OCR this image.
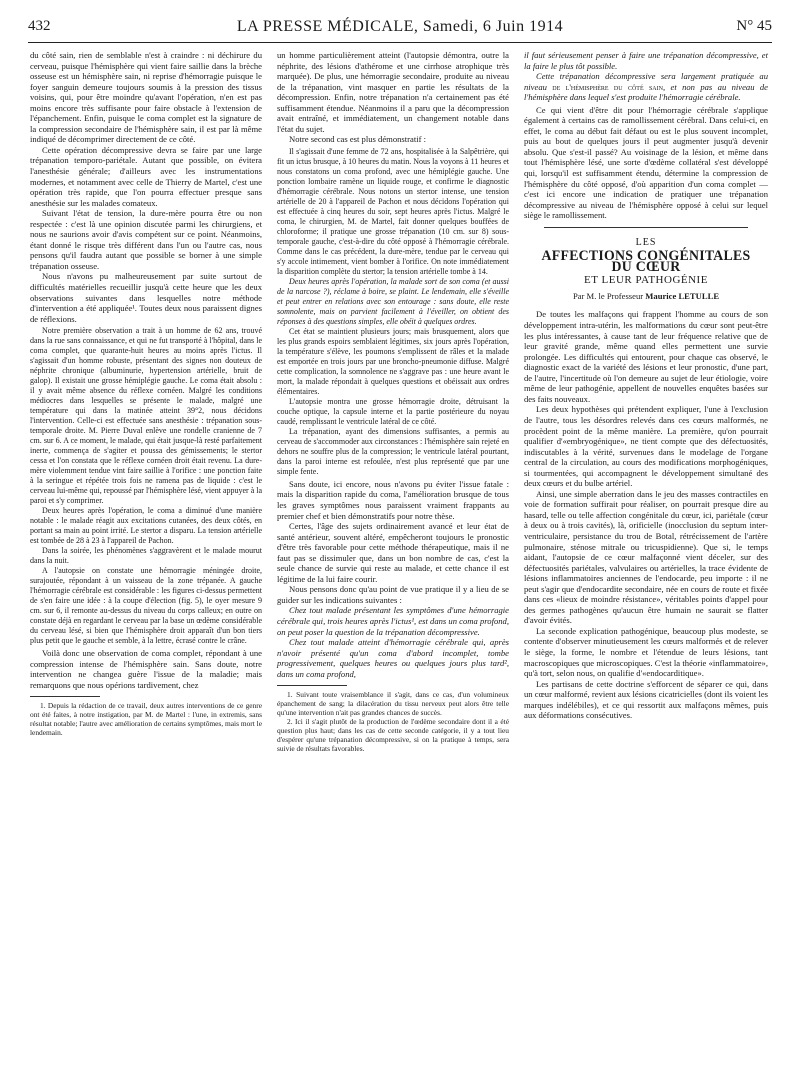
432	LA PRESSE MÉDICALE, Samedi, 6 Juin 1914	N° 45

du côté sain, rien de semblable n'est à craindre : ni déchirure du cerveau, puisque l'hémisphère qui vient faire saillie dans la brèche osseuse est un hémisphère sain, ni reprise d'hémorragie puisque le foyer sanguin demeure toujours soumis à la pression des tissus voisins, qui, pour être moindre qu'avant l'opération, n'en est pas moins encore très suffisante pour faire obstacle à l'extension de l'épanchement. Enfin, puisque le coma complet est la signature de la compression secondaire de l'hémisphère sain, il est par là même indiqué de décomprimer directement de ce côté.

Cette opération décompressive devra se faire par une large trépanation temporo-pariétale. Autant que possible, on évitera l'anesthésie générale; d'ailleurs avec les instrumentations modernes, et notamment avec celle de Thierry de Martel, c'est une opération très rapide, que l'on pourra effectuer presque sans anesthésie sur les malades comateux.

Suivant l'état de tension, la dure-mère pourra être ou non respectée : c'est là une opinion discutée parmi les chirurgiens, et nous ne saurions avoir d'avis compétent sur ce point. Néanmoins, étant donné le risque très différent dans l'un ou l'autre cas, nous pensons qu'il faudra autant que possible se borner à une simple trépanation osseuse.

Nous n'avons pu malheureusement par suite surtout de difficultés matérielles recueillir jusqu'à cette heure que les deux observations suivantes dans lesquelles notre méthode d'intervention a été appliquée¹. Toutes deux nous paraissent dignes de réflexions.

Notre première observation a trait à un homme de 62 ans, trouvé dans la rue sans connaissance, et qui ne fut transporté à l'hôpital, dans le coma complet, que quarante-huit heures au moins après l'ictus. Il s'agissait d'un homme robuste, présentant des signes non douteux de néphrite chronique (albuminurie, hypertension artérielle, bruit de galop). Il existait une grosse hémiplégie gauche. Le coma était absolu : il y avait même absence du réflexe cornéen. Malgré les conditions médiocres dans lesquelles se présente le malade, malgré une température qui dans la matinée atteint 39°2, nous décidons l'intervention. Celle-ci est effectuée sans anesthésie : trépanation sous-temporale droite. M. Pierre Duval enlève une rondelle cranienne de 7 cm. sur 6. A ce moment, le malade, qui était jusque-là resté parfaitement inerte, commença de s'agiter et poussa des gémissements; le stertor cessa et l'on constata que le réflexe cornéen droit était revenu. La dure-mère violemment tendue vint faire saillie à l'orifice : une ponction faite à la seringue et répétée trois fois ne ramena pas de liquide : c'est le cerveau lui-même qui, repoussé par l'hémisphère lésé, vient appuyer à la paroi et s'y comprimer.

Deux heures après l'opération, le coma a diminué d'une manière notable : le malade réagit aux excitations cutanées, des deux côtés, en portant sa main au point irrité. Le stertor a disparu. La tension artérielle est tombée de 28 à 23 à l'appareil de Pachon.

Dans la soirée, les phénomènes s'aggravèrent et le malade mourut dans la nuit.

A l'autopsie on constate une hémorragie méningée droite, surajoutée, répondant à un vaisseau de la zone trépanée. A gauche l'hémorragie cérébrale est considérable : les figures ci-dessus permettent de s'en faire une idée : à la coupe d'élection (fig. 5), le oyer mesure 9 cm. sur 6, il remonte au-dessus du niveau du corps calleux; en outre on constate déjà en regardant le cerveau par la base un œdème considérable du cerveau lésé, si bien que l'hémisphère droit apparaît d'un bon tiers plus petit que le gauche et semble, à la lettre, écrasé contre le crâne.

Voilà donc une observation de coma complet, répondant à une compression intense de l'hémisphère sain. Sans doute, notre intervention ne changea guère l'issue de la maladie; mais remarquons que nous opérions tardivement, chez

1. Depuis la rédaction de ce travail, deux autres interventions de ce genre ont été faites, à notre instigation, par M. de Martel : l'une, in extremis, sans résultat notable; l'autre avec amélioration de certains symptômes, mais mort le lendemain.

un homme particulièrement atteint (l'autopsie démontra, outre la néphrite, des lésions d'athérome et une cirrhose atrophique très marquée). De plus, une hémorragie secondaire, produite au niveau de la trépanation, vint masquer en partie les résultats de la décompression. Enfin, notre trépanation n'a certainement pas été suffisamment étendue. Néanmoins il a paru que la décompression avait entraîné, et immédiatement, un changement notable dans l'état du sujet.

Notre second cas est plus démonstratif :

Il s'agissait d'une femme de 72 ans, hospitalisée à la Salpêtrière, qui fit un ictus brusque, à 10 heures du matin. Nous la voyons à 11 heures et nous constatons un coma profond, avec une hémiplégie gauche. Une ponction lombaire ramène un liquide rouge, et confirme le diagnostic d'hémorragie cérébrale. Nous notons un stertor intense, une tension artérielle de 20 à l'appareil de Pachon et nous décidons l'opération qui est effectuée à cinq heures du soir, sept heures après l'ictus. Malgré le coma, le chirurgien, M. de Martel, fait donner quelques bouffées de chloroforme; il pratique une grosse trépanation (10 cm. sur 8) sous-temporale gauche, c'est-à-dire du côté opposé à l'hémorragie cérébrale. Comme dans le cas précédent, la dure-mère, tendue par le cerveau qui s'y accole intimement, vient bomber à l'orifice. On note immédiatement la disparition complète du stertor; la tension artérielle tombe à 14.

Deux heures après l'opération, la malade sort de son coma (et aussi de la narcose ?), réclame à boire, se plaint. Le lendemain, elle s'éveille et peut entrer en relations avec son entourage : sans doute, elle reste somnolente, mais on parvient facilement à l'éveiller, on obtient des réponses à des questions simples, elle obéit à quelques ordres.

Cet état se maintient plusieurs jours; mais brusquement, alors que les plus grands espoirs semblaient légitimes, six jours après l'opération, la température s'élève, les poumons s'emplissent de râles et la malade est emportée en trois jours par une broncho-pneumonie diffuse. Malgré cette complication, la somnolence ne s'aggrave pas : une heure avant le mort, la malade répondait à quelques questions et obéissait aux ordres élémentaires.

L'autopsie montra une grosse hémorragie droite, détruisant la couche optique, la capsule interne et la partie postérieure du noyau caudé, remplissant le ventricule latéral de ce côté.

La trépanation, ayant des dimensions suffisantes, a permis au cerveau de s'accommoder aux circonstances : l'hémisphère sain rejeté en dehors ne souffre plus de la compression; le ventricule latéral pourtant, dans la paroi interne est refoulée, n'est plus représenté que par une simple fente.

Sans doute, ici encore, nous n'avons pu éviter l'issue fatale : mais la disparition rapide du coma, l'amélioration brusque de tous les graves symptômes nous paraissent vraiment frappants au premier chef et bien démonstratifs pour notre thèse.

Certes, l'âge des sujets ordinairement avancé et leur état de santé antérieur, souvent altéré, empêcheront toujours le pronostic d'être très favorable pour cette méthode thérapeutique, mais il ne faut pas se dissimuler que, dans un bon nombre de cas, c'est la seule chance de survie qui reste au malade, et cette chance il est légitime de la lui faire courir.

Nous pensons donc qu'au point de vue pratique il y a lieu de se guider sur les indications suivantes :

Chez tout malade présentant les symptômes d'une hémorragie cérébrale qui, trois heures après l'ictus¹, est dans un coma profond, on peut poser la question de la trépanation décompressive.

Chez tout malade atteint d'hémorragie cérébrale qui, après n'avoir présenté qu'un coma d'abord incomplet, tombe progressivement, quelques heures ou quelques jours plus tard², dans un coma profond,

1. Suivant toute vraisemblance il s'agit, dans ce cas, d'un volumineux épanchement de sang; la dilacération du tissu nerveux peut alors être telle qu'une intervention n'ait pas grandes chances de succès.

2. Ici il s'agit plutôt de la production de l'œdème secondaire dont il a été question plus haut; dans les cas de cette seconde catégorie, il y a tout lieu d'espérer qu'une trépanation décompressive, si on la pratique à temps, sera suivie de résultats favorables.

il faut sérieusement penser à faire une trépanation décompressive, et la faire le plus tôt possible.

Cette trépanation décompressive sera largement pratiquée au niveau de l'hémisphère du côté sain, et non pas au niveau de l'hémisphère dans lequel s'est produite l'hémorragie cérébrale.

Ce qui vient d'être dit pour l'hémorragie cérébrale s'applique également à certains cas de ramollissement cérébral. Dans celui-ci, en effet, le coma au début fait défaut ou est le plus souvent incomplet, puis au bout de quelques jours il peut augmenter jusqu'à devenir absolu. Que s'est-il passé? Au voisinage de la lésion, et même dans tout l'hémisphère lésé, une sorte d'œdème collatéral s'est développé qui, lorsqu'il est suffisamment étendu, détermine la compression de l'hémisphère du côté opposé, d'où apparition d'un coma complet — c'est ici encore une indication de pratiquer une trépanation décompressive au niveau de l'hémisphère opposé à celui sur lequel siège le ramollissement.

LES
AFFECTIONS CONGÉNITALES DU CŒUR
ET LEUR PATHOGÉNIE
Par M. le Professeur Maurice LETULLE

De toutes les malfaçons qui frappent l'homme au cours de son développement intra-utérin, les malformations du cœur sont peut-être les plus intéressantes, à cause tant de leur fréquence relative que de leur gravité grande, même quand elles permettent une survie prolongée. Les difficultés qui entourent, pour chaque cas observé, le diagnostic exact de la variété des lésions et leur pronostic, d'une part, de l'autre, l'incertitude où l'on demeure au sujet de leur étiologie, voire même de leur pathogénie, appellent de nouvelles enquêtes basées sur des faits nouveaux.

Les deux hypothèses qui prétendent expliquer, l'une à l'exclusion de l'autre, tous les désordres relevés dans ces cœurs malformés, ne procèdent point de la même manière. La première, qu'on pourrait qualifier d'«embryogénique», ne tient compte que des défectuosités, indiscutables à la vérité, survenues dans le modelage de l'organe central de la circulation, au cours des modifications morphogéniques, si tourmentées, qui accompagnent le développement simultané des deux cœurs et du bulbe artériel.

Ainsi, une simple aberration dans le jeu des masses contractiles en voie de formation suffirait pour réaliser, on pourrait presque dire au hasard, telle ou telle affection congénitale du cœur, ici, pariétale (cœur à deux ou à trois cavités), là, orificielle (inocclusion du septum inter-ventriculaire, persistance du trou de Botal, rétrécissement de l'artère pulmonaire, sténose mitrale ou tricuspidienne). Que si, le temps aidant, l'autopsie de ce cœur malfaçonné vient déceler, sur des défectuosités pariétales, valvulaires ou artérielles, la trace évidente de lésions inflammatoires anciennes de l'endocarde, peu importe : il ne peut s'agir que d'endocardite secondaire, née en cours de route et fixée dans ces «lieux de moindre résistance», véritables points d'appel pour des germes pathogènes qu'aucun être humain ne saurait se flatter d'avoir évités.

La seconde explication pathogénique, beaucoup plus modeste, se contente d'observer minutieusement les cœurs malformés et de relever le siège, la forme, le nombre et l'étendue de leurs lésions, tant macroscopiques que microscopiques. C'est la théorie «inflammatoire», qu'à tort, selon nous, on qualifie d'«endocarditique».

Les partisans de cette doctrine s'efforcent de séparer ce qui, dans un cœur malformé, revient aux lésions cicatricielles (dont ils voient les marques indélébiles), et ce qui ressortit aux malfaçons mêmes, puis aux déformations consécutives.
